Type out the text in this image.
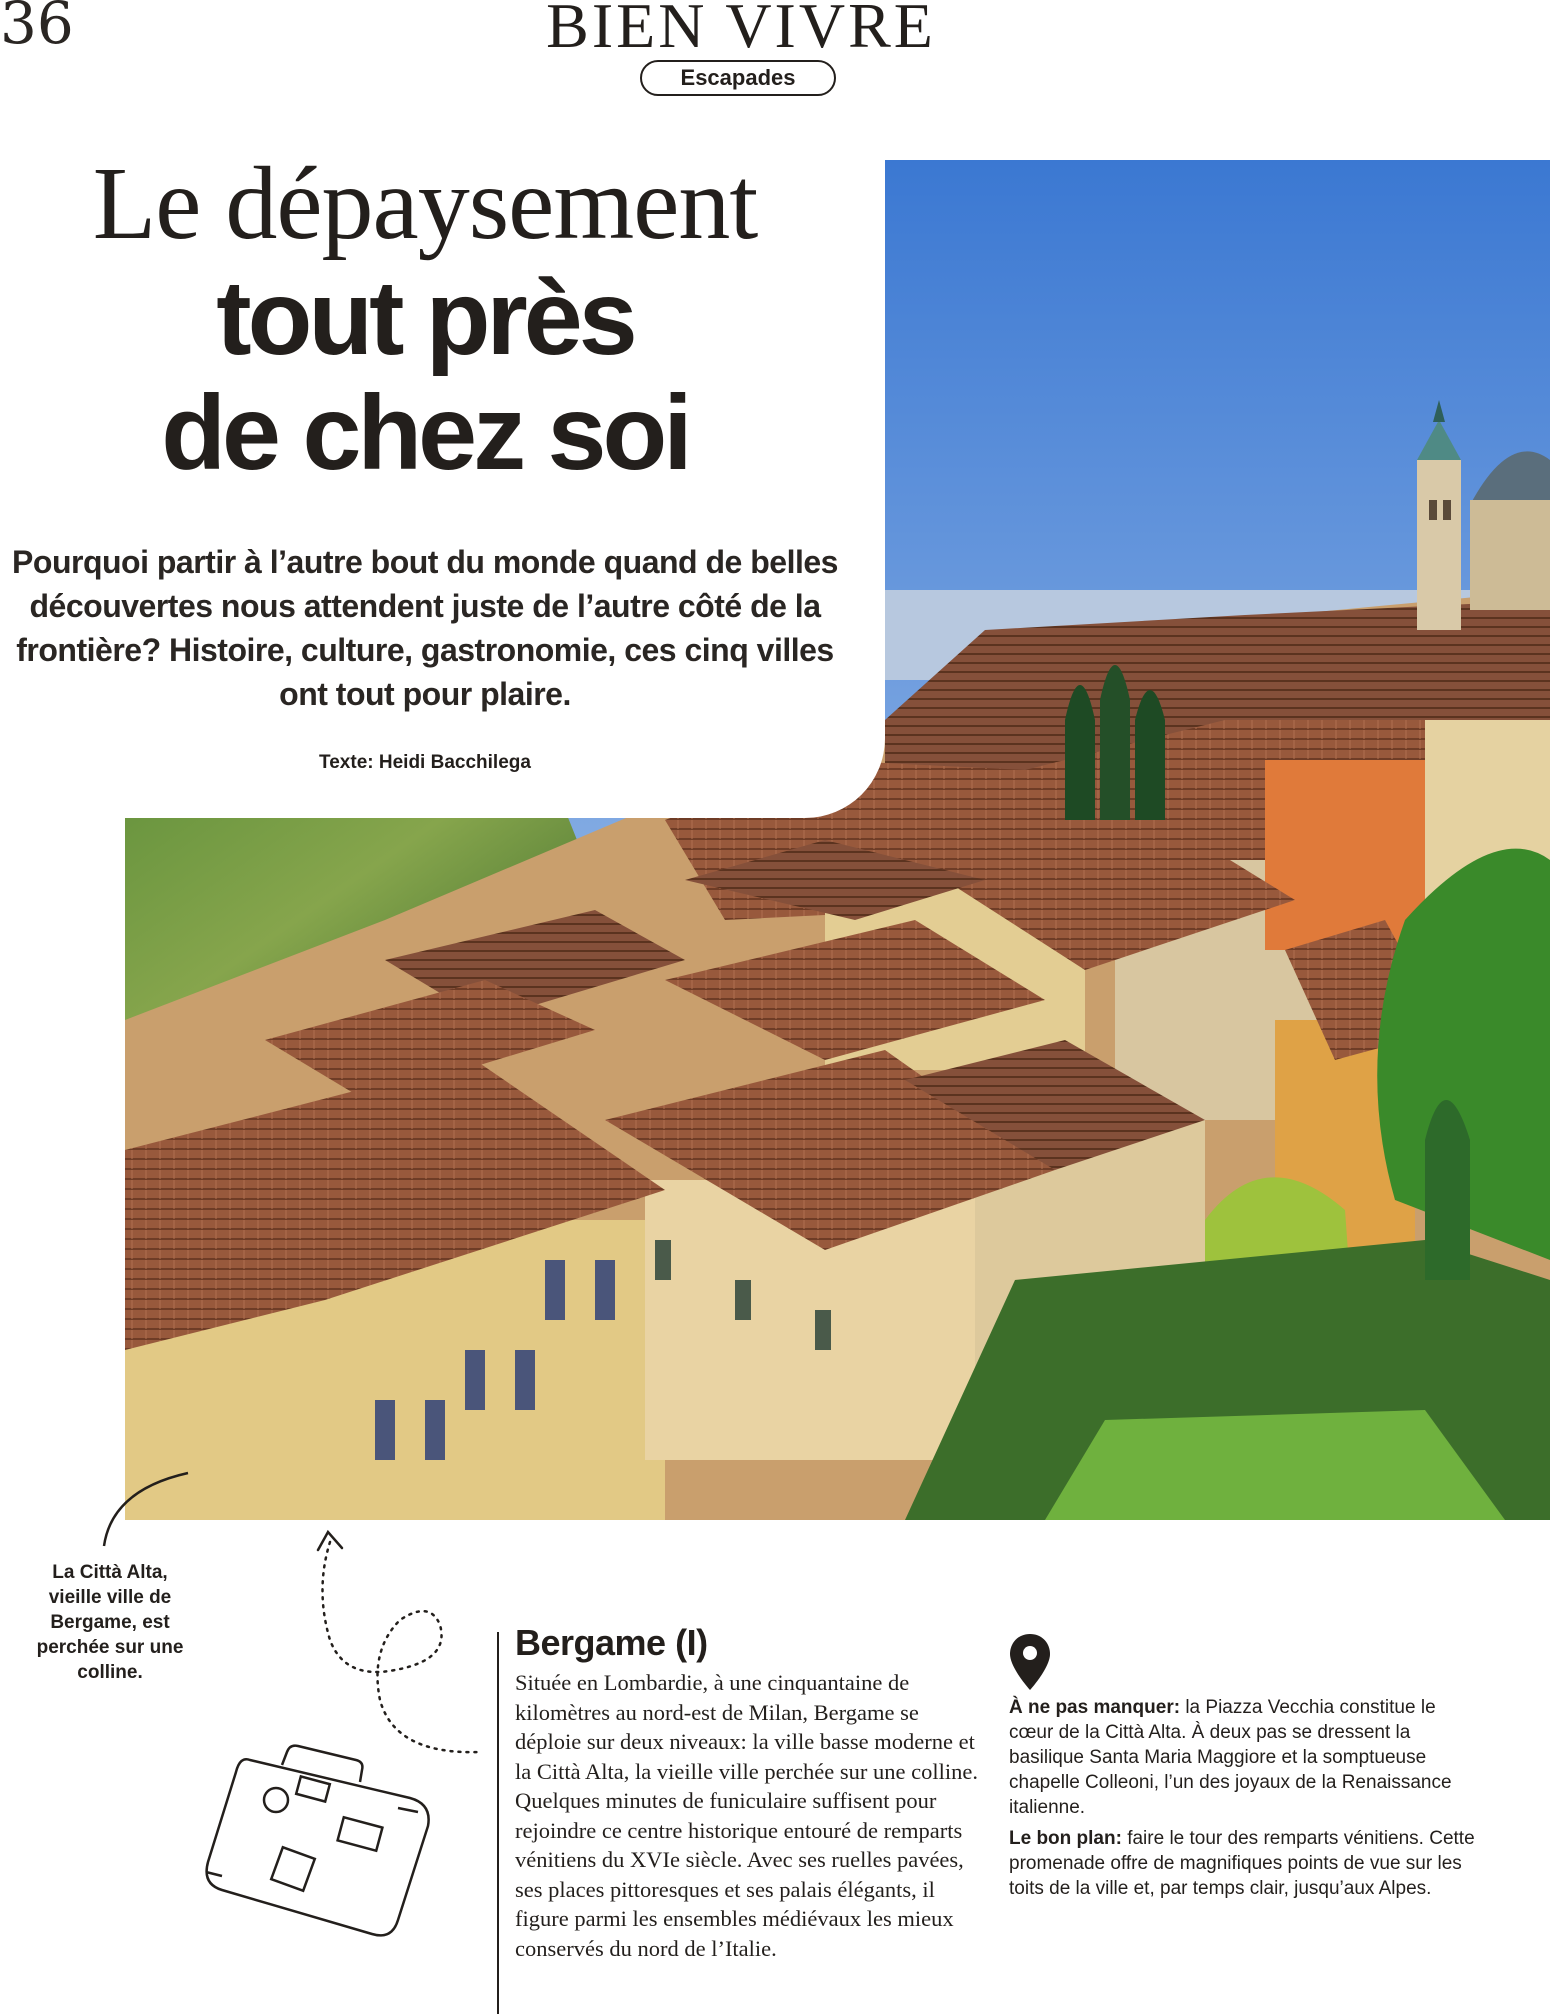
36	BIEN VIVRE
Escapades
Le dépaysement
tout près
de chez soi
Pourquoi partir à l’autre bout du monde quand de belles découvertes nous attendent juste de l’autre côté de la frontière? Histoire, culture, gastronomie, ces cinq villes ont tout pour plaire.
Texte: Heidi Bacchilega
La Città Alta, vieille ville de Bergame, est perchée sur une colline.
Bergame (I)
Située en Lombardie, à une cinquantaine de kilomètres au nord-est de Milan, Bergame se déploie sur deux niveaux: la ville basse moderne et la Città Alta, la vieille ville perchée sur une colline. Quelques minutes de funiculaire suffisent pour rejoindre ce centre historique entouré de remparts vénitiens du XVIe siècle. Avec ses ruelles pavées, ses places pittoresques et ses palais élégants, il figure parmi les ensembles médiévaux les mieux conservés du nord de l’Italie.

À ne pas manquer: la Piazza Vecchia constitue le cœur de la Città Alta. À deux pas se dressent la basilique Santa Maria Maggiore et la somptueuse chapelle Colleoni, l’un des joyaux de la Renaissance italienne.

Le bon plan: faire le tour des remparts vénitiens. Cette promenade offre de magnifiques points de vue sur les toits de la ville et, par temps clair, jusqu’aux Alpes.
